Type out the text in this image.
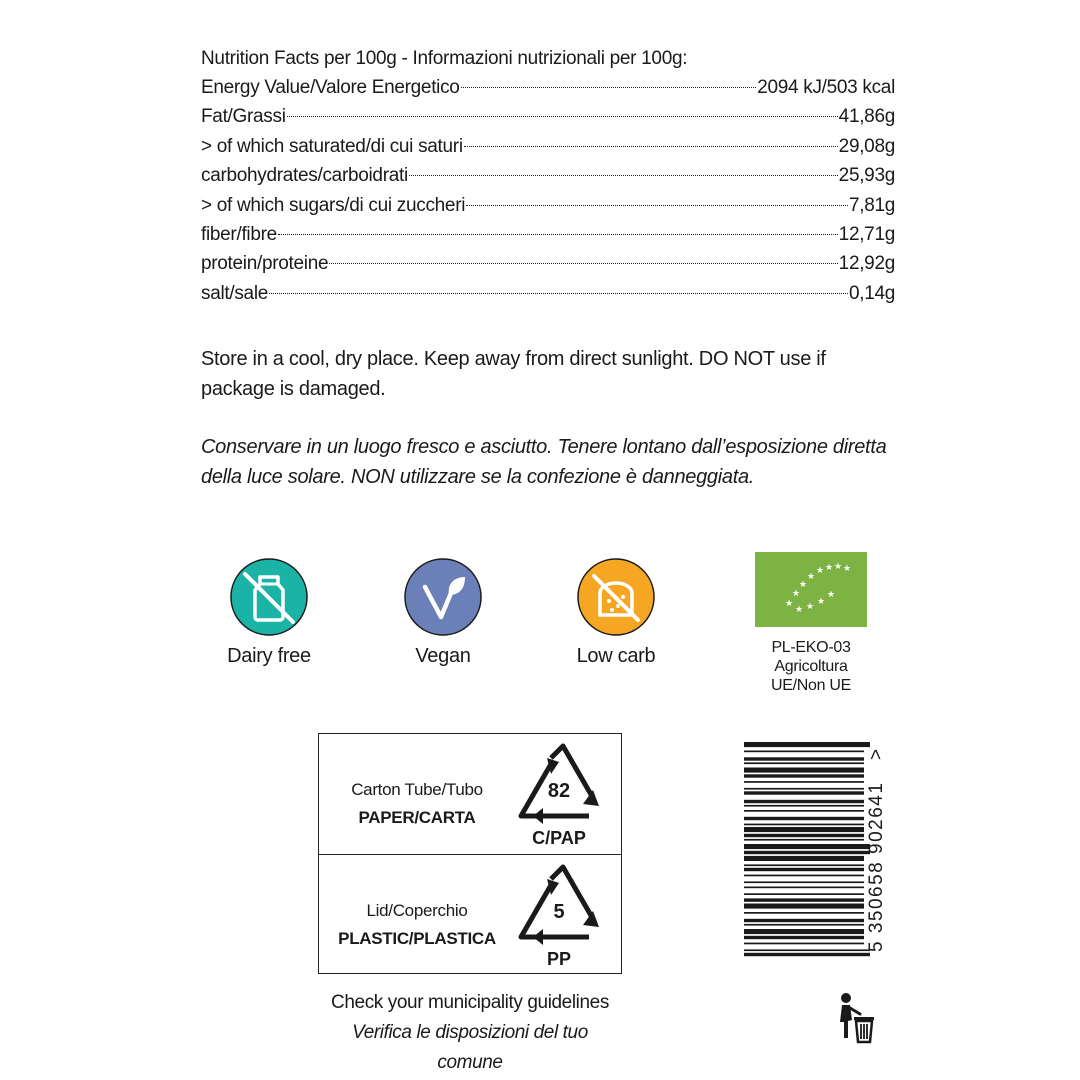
Nutrition Facts per 100g - Informazioni nutrizionali per 100g:
Energy Value/Valore Energetico	2094 kJ/503 kcal
Fat/Grassi	41,86g
> of which saturated/di cui saturi	29,08g
carbohydrates/carboidrati	25,93g
> of which sugars/di cui zuccheri	7,81g
fiber/fibre	12,71g
protein/proteine	12,92g
salt/sale	0,14g

Store in a cool, dry place. Keep away from direct sunlight. DO NOT use if package is damaged.

Conservare in un luogo fresco e asciutto. Tenere lontano dall’esposizione diretta della luce solare. NON utilizzare se la confezione è danneggiata.

Dairy free	Vegan	Low carb
★
★
★
★
★ ★ ★ ★
★ ★ ★
★
PL-EKO-03
Agricoltura
UE/Non UE
Carton Tube/Tubo
PAPER/CARTA
82
C/PAP
Lid/Coperchio
PLASTIC/PLASTICA
5
PP
Check your municipality guidelines
Verifica le disposizioni del tuo comune
5 350658 902641
>
